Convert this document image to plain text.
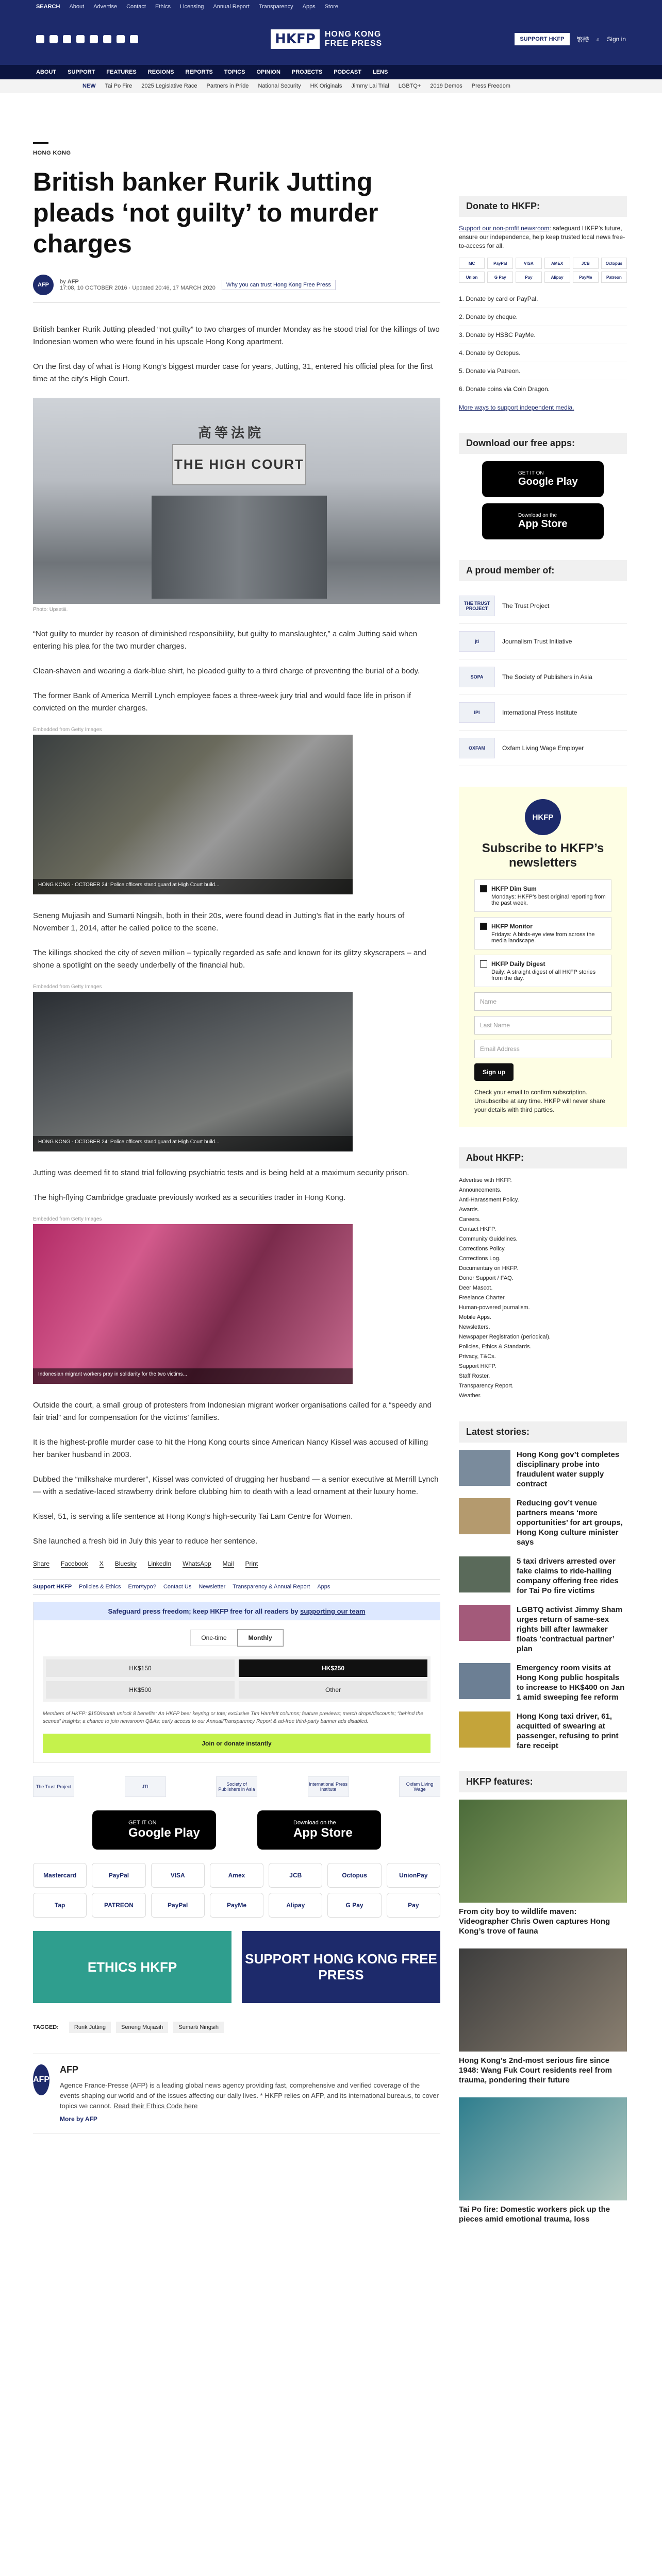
SEARCH About Advertise Contact Ethics Licensing Annual Report Transparency Apps Store
HKFP	HONG KONG
FREE PRESS	SUPPORT HKFP	繁體 ⌕ Sign in
ABOUT SUPPORT FEATURES REGIONS REPORTS TOPICS OPINION PROJECTS PODCAST LENS
NEW Tai Po Fire 2025 Legislative Race Partners in Pride National Security HK Originals Jimmy Lai Trial LGBTQ+ 2019 Demos Press Freedom
HONG KONG
British banker Rurik Jutting pleads ‘not guilty’ to murder charges
AFP	by AFP
17:08, 10 OCTOBER 2016 · Updated 20:46, 17 MARCH 2020	Why you can trust Hong Kong Free Press

British banker Rurik Jutting pleaded “not guilty” to two charges of murder Monday as he stood trial for the killings of two Indonesian women who were found in his upscale Hong Kong apartment.

On the first day of what is Hong Kong’s biggest murder case for years, Jutting, 31, entered his official plea for the first time at the city’s High Court.

高等法院
THE HIGH COURT
Photo: Upsetiii.

“Not guilty to murder by reason of diminished responsibility, but guilty to manslaughter,” a calm Jutting said when entering his plea for the two murder charges.

Clean-shaven and wearing a dark-blue shirt, he pleaded guilty to a third charge of preventing the burial of a body.

The former Bank of America Merrill Lynch employee faces a three-week jury trial and would face life in prison if convicted on the murder charges.

Embedded from Getty Images
HONG KONG - OCTOBER 24: Police officers stand guard at High Court build...

Seneng Mujiasih and Sumarti Ningsih, both in their 20s, were found dead in Jutting’s flat in the early hours of November 1, 2014, after he called police to the scene.

The killings shocked the city of seven million – typically regarded as safe and known for its glitzy skyscrapers – and shone a spotlight on the seedy underbelly of the financial hub.

Embedded from Getty Images
HONG KONG - OCTOBER 24: Police officers stand guard at High Court build...

Jutting was deemed fit to stand trial following psychiatric tests and is being held at a maximum security prison.

The high-flying Cambridge graduate previously worked as a securities trader in Hong Kong.

Embedded from Getty Images
Indonesian migrant workers pray in solidarity for the two victims...

Outside the court, a small group of protesters from Indonesian migrant worker organisations called for a “speedy and fair trial” and for compensation for the victims’ families.

It is the highest-profile murder case to hit the Hong Kong courts since American Nancy Kissel was accused of killing her banker husband in 2003.

Dubbed the “milkshake murderer”, Kissel was convicted of drugging her husband — a senior executive at Merrill Lynch — with a sedative-laced strawberry drink before clubbing him to death with a lead ornament at their luxury home.

Kissel, 51, is serving a life sentence at Hong Kong’s high-security Tai Lam Centre for Women.

She launched a fresh bid in July this year to reduce her sentence.

Share Facebook X Bluesky LinkedIn WhatsApp Mail Print
Support HKFP Policies & Ethics Error/typo? Contact Us Newsletter Transparency & Annual Report Apps
Safeguard press freedom; keep HKFP free for all readers by supporting our team
One-time	Monthly
HK$150	HK$250
HK$500	Other
Members of HKFP: $150/month unlock 8 benefits: An HKFP beer keyring or tote; exclusive Tim Hamlett columns; feature previews; merch drops/discounts; “behind the scenes” insights; a chance to join newsroom Q&As; early access to our Annual/Transparency Report & ad-free third-party banner ads disabled.
Join or donate instantly
The Trust Project	JTI	Society of Publishers in Asia
International Press Institute
Oxfam Living Wage
GET IT ON
Google Play
Download on the
App Store
Mastercard	PayPal	VISA	Amex	JCB	Octopus	UnionPay
Tap	PATREON	PayPal	PayMe	Alipay	G Pay	Pay
ETHICS HKFP
SUPPORT HONG KONG FREE PRESS
TAGGED:	Rurik Jutting	Seneng Mujiasih	Sumarti Ningsih
AFP
AFP

Agence France-Presse (AFP) is a leading global news agency providing fast, comprehensive and verified coverage of the events shaping our world and of the issues affecting our daily lives. * HKFP relies on AFP, and its international bureaus, to cover topics we cannot. Read their Ethics Code here

More by AFP
Donate to HKFP:

Support our non-profit newsroom: safeguard HKFP’s future, ensure our independence, help keep trusted local news free-to-access for all.

MC	PayPal	VISA	AMEX	JCB	Octopus
Union	G Pay	Pay	Alipay	PayMe	Patreon
1. Donate by card or PayPal.
2. Donate by cheque.
3. Donate by HSBC PayMe.
4. Donate by Octopus.
5. Donate via Patreon.
6. Donate coins via Coin Dragon.

More ways to support independent media.

Download our free apps:
GET IT ON
Google Play
Download on the
App Store
A proud member of:
THE TRUST PROJECT	The Trust Project
jti	Journalism Trust Initiative
SOPA	The Society of Publishers in Asia
IPI	International Press Institute
OXFAM	Oxfam Living Wage Employer
HKFP
Subscribe to HKFP’s newsletters
HKFP Dim Sum
Mondays: HKFP’s best original reporting from the past week.
HKFP Monitor
Fridays: A birds-eye view from across the media landscape.
HKFP Daily Digest
Daily: A straight digest of all HKFP stories from the day.
Name
Last Name
Email Address
Sign up

Check your email to confirm subscription. Unsubscribe at any time. HKFP will never share your details with third parties.

About HKFP:
Advertise with HKFP.
Announcements.
Anti-Harassment Policy.
Awards.
Careers.
Contact HKFP.
Community Guidelines.
Corrections Policy.
Corrections Log.
Documentary on HKFP.
Donor Support / FAQ.
Deer Mascot.
Freelance Charter.
Human-powered journalism.
Mobile Apps.
Newsletters.
Newspaper Registration (periodical).
Policies, Ethics & Standards.
Privacy, T&Cs.
Support HKFP.
Staff Roster.
Transparency Report.
Weather.
Latest stories:
Hong Kong gov’t completes disciplinary probe into fraudulent water supply contract
Reducing gov’t venue partners means ‘more opportunities’ for art groups, Hong Kong culture minister says
5 taxi drivers arrested over fake claims to ride-hailing company offering free rides for Tai Po fire victims
LGBTQ activist Jimmy Sham urges return of same-sex rights bill after lawmaker floats ‘contractual partner’ plan
Emergency room visits at Hong Kong public hospitals to increase to HK$400 on Jan 1 amid sweeping fee reform
Hong Kong taxi driver, 61, acquitted of swearing at passenger, refusing to print fare receipt
HKFP features:
From city boy to wildlife maven: Videographer Chris Owen captures Hong Kong’s trove of fauna
Hong Kong’s 2nd-most serious fire since 1948: Wang Fuk Court residents reel from trauma, pondering their future
Tai Po fire: Domestic workers pick up the pieces amid emotional trauma, loss
